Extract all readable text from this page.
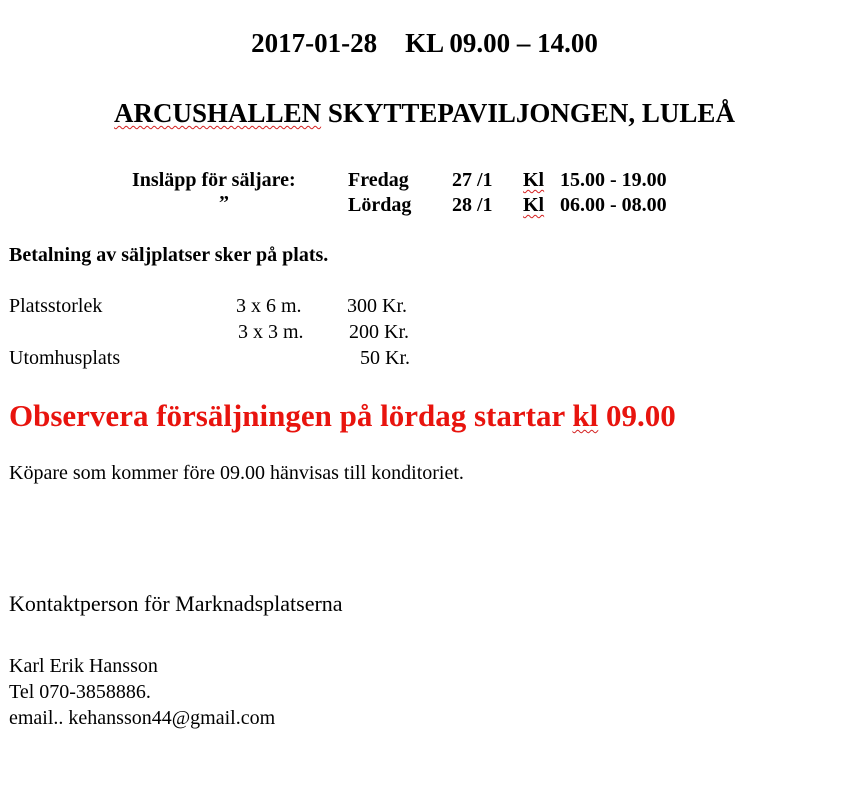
2017-01-28 KL 09.00 – 14.00
ARCUSHALLEN SKYTTEPAVILJONGEN, LULEÅ
Insläpp för säljare:
”
Fredag 27 /1 Kl 15.00 - 19.00
Lördag 28 /1 Kl 06.00 - 08.00
Betalning av säljplatser sker på plats.
Platsstorlek	3 x 6 m. 300 Kr.
3 x 3 m. 200 Kr.
Utomhusplats	50 Kr.
Observera försäljningen på lördag startar kl 09.00
Köpare som kommer före 09.00 hänvisas till konditoriet.
Kontaktperson för Marknadsplatserna
Karl Erik Hansson
Tel 070-3858886.
email.. kehansson44@gmail.com
